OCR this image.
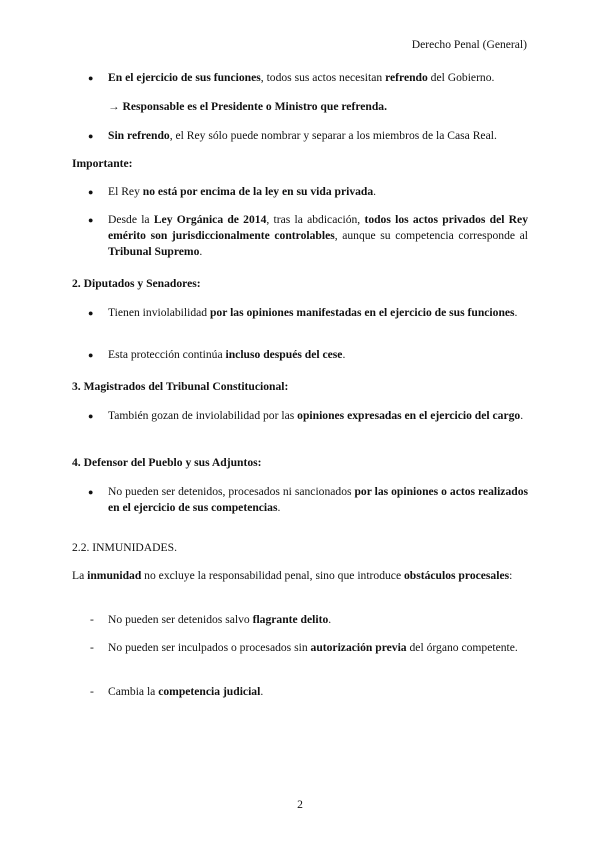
Derecho Penal (General)
● En el ejercicio de sus funciones, todos sus actos necesitan refrendo del Gobierno.
→ Responsable es el Presidente o Ministro que refrenda.
● Sin refrendo, el Rey sólo puede nombrar y separar a los miembros de la Casa Real.
Importante:
● El Rey no está por encima de la ley en su vida privada.
● Desde la Ley Orgánica de 2014, tras la abdicación, todos los actos privados del Rey emérito son jurisdiccionalmente controlables, aunque su competencia corresponde al Tribunal Supremo.
2. Diputados y Senadores:
● Tienen inviolabilidad por las opiniones manifestadas en el ejercicio de sus funciones.
● Esta protección continúa incluso después del cese.
3. Magistrados del Tribunal Constitucional:
● También gozan de inviolabilidad por las opiniones expresadas en el ejercicio del cargo.
4. Defensor del Pueblo y sus Adjuntos:
● No pueden ser detenidos, procesados ni sancionados por las opiniones o actos realizados en el ejercicio de sus competencias.
2.2. INMUNIDADES.
La inmunidad no excluye la responsabilidad penal, sino que introduce obstáculos procesales:
- No pueden ser detenidos salvo flagrante delito.
- No pueden ser inculpados o procesados sin autorización previa del órgano competente.
- Cambia la competencia judicial.
2
